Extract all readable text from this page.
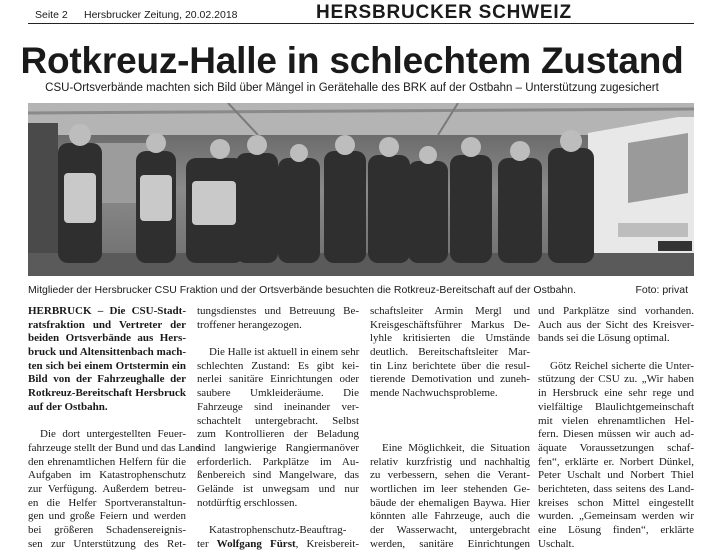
Seite 2 Hersbrucker Zeitung, 20.02.2018	HERSBRUCKER SCHWEIZ
Rotkreuz-Halle in schlechtem Zustand
CSU-Ortsverbände machten sich Bild über Mängel in Gerätehalle des BRK auf der Ostbahn – Unterstützung zugesichert
Mitglieder der Hersbrucker CSU Fraktion und der Ortsverbände besuchten die Rotkreuz-Bereitschaft auf der Ostbahn.	Foto: privat
HERBRUCK – Die CSU-Stadt-
ratsfraktion und Vertreter der
beiden Ortsverbände aus Hers-
bruck und Altensittenbach mach-
ten sich bei einem Ortstermin ein
Bild von der Fahrzeughalle der
Rotkreuz-Bereitschaft Hersbruck
auf der Ostbahn.
Die dort untergestellten Feuer-
fahrzeuge stellt der Bund und das Land
den ehrenamtlichen Helfern für die
Aufgaben im Katastrophenschutz
zur Verfügung. Außerdem betreu-
en die Helfer Sportveranstaltun-
gen und große Feiern und werden
bei größeren Schadensereignis-
sen zur Unterstützung des Ret-
tungsdienstes und Betreuung Be-
troffener herangezogen.
Die Halle ist aktuell in einem sehr
schlechten Zustand: Es gibt kei-
nerlei sanitäre Einrichtungen oder
saubere Umkleideräume. Die
Fahrzeuge sind ineinander ver-
schachtelt untergebracht. Selbst
zum Kontrollieren der Beladung
sind langwierige Rangiermanöver
erforderlich. Parkplätze im Au-
ßenbereich sind Mangelware, das
Gelände ist unwegsam und nur
notdürftig erschlossen.
Katastrophenschutz-Beauftrag-
ter Wolfgang Fürst, Kreisbereit-
schaftsleiter Armin Mergl und
Kreisgeschäftsführer Markus De-
lyhle kritisierten die Umstände
deutlich. Bereitschaftsleiter Mar-
tin Linz berichtete über die resul-
tierende Demotivation und zuneh-
mende Nachwuchsprobleme.
Eine Möglichkeit, die Situation
relativ kurzfristig und nachhaltig
zu verbessern, sehen die Verant-
wortlichen im leer stehenden Ge-
bäude der ehemaligen Baywa. Hier
könnten alle Fahrzeuge, auch die
der Wasserwacht, untergebracht
werden, sanitäre Einrichtungen
und Parkplätze sind vorhanden.
Auch aus der Sicht des Kreisver-
bands sei die Lösung optimal.
Götz Reichel sicherte die Unter-
stützung der CSU zu. „Wir haben
in Hersbruck eine sehr rege und
vielfältige Blaulichtgemeinschaft
mit vielen ehrenamtlichen Hel-
fern. Diesen müssen wir auch ad-
äquate Voraussetzungen schaf-
fen“, erklärte er. Norbert Dünkel,
Peter Uschalt und Norbert Thiel
berichteten, dass seitens des Land-
kreises schon Mittel eingestellt
wurden. „Gemeinsam werden wir
eine Lösung finden“, erklärte
Uschalt.
